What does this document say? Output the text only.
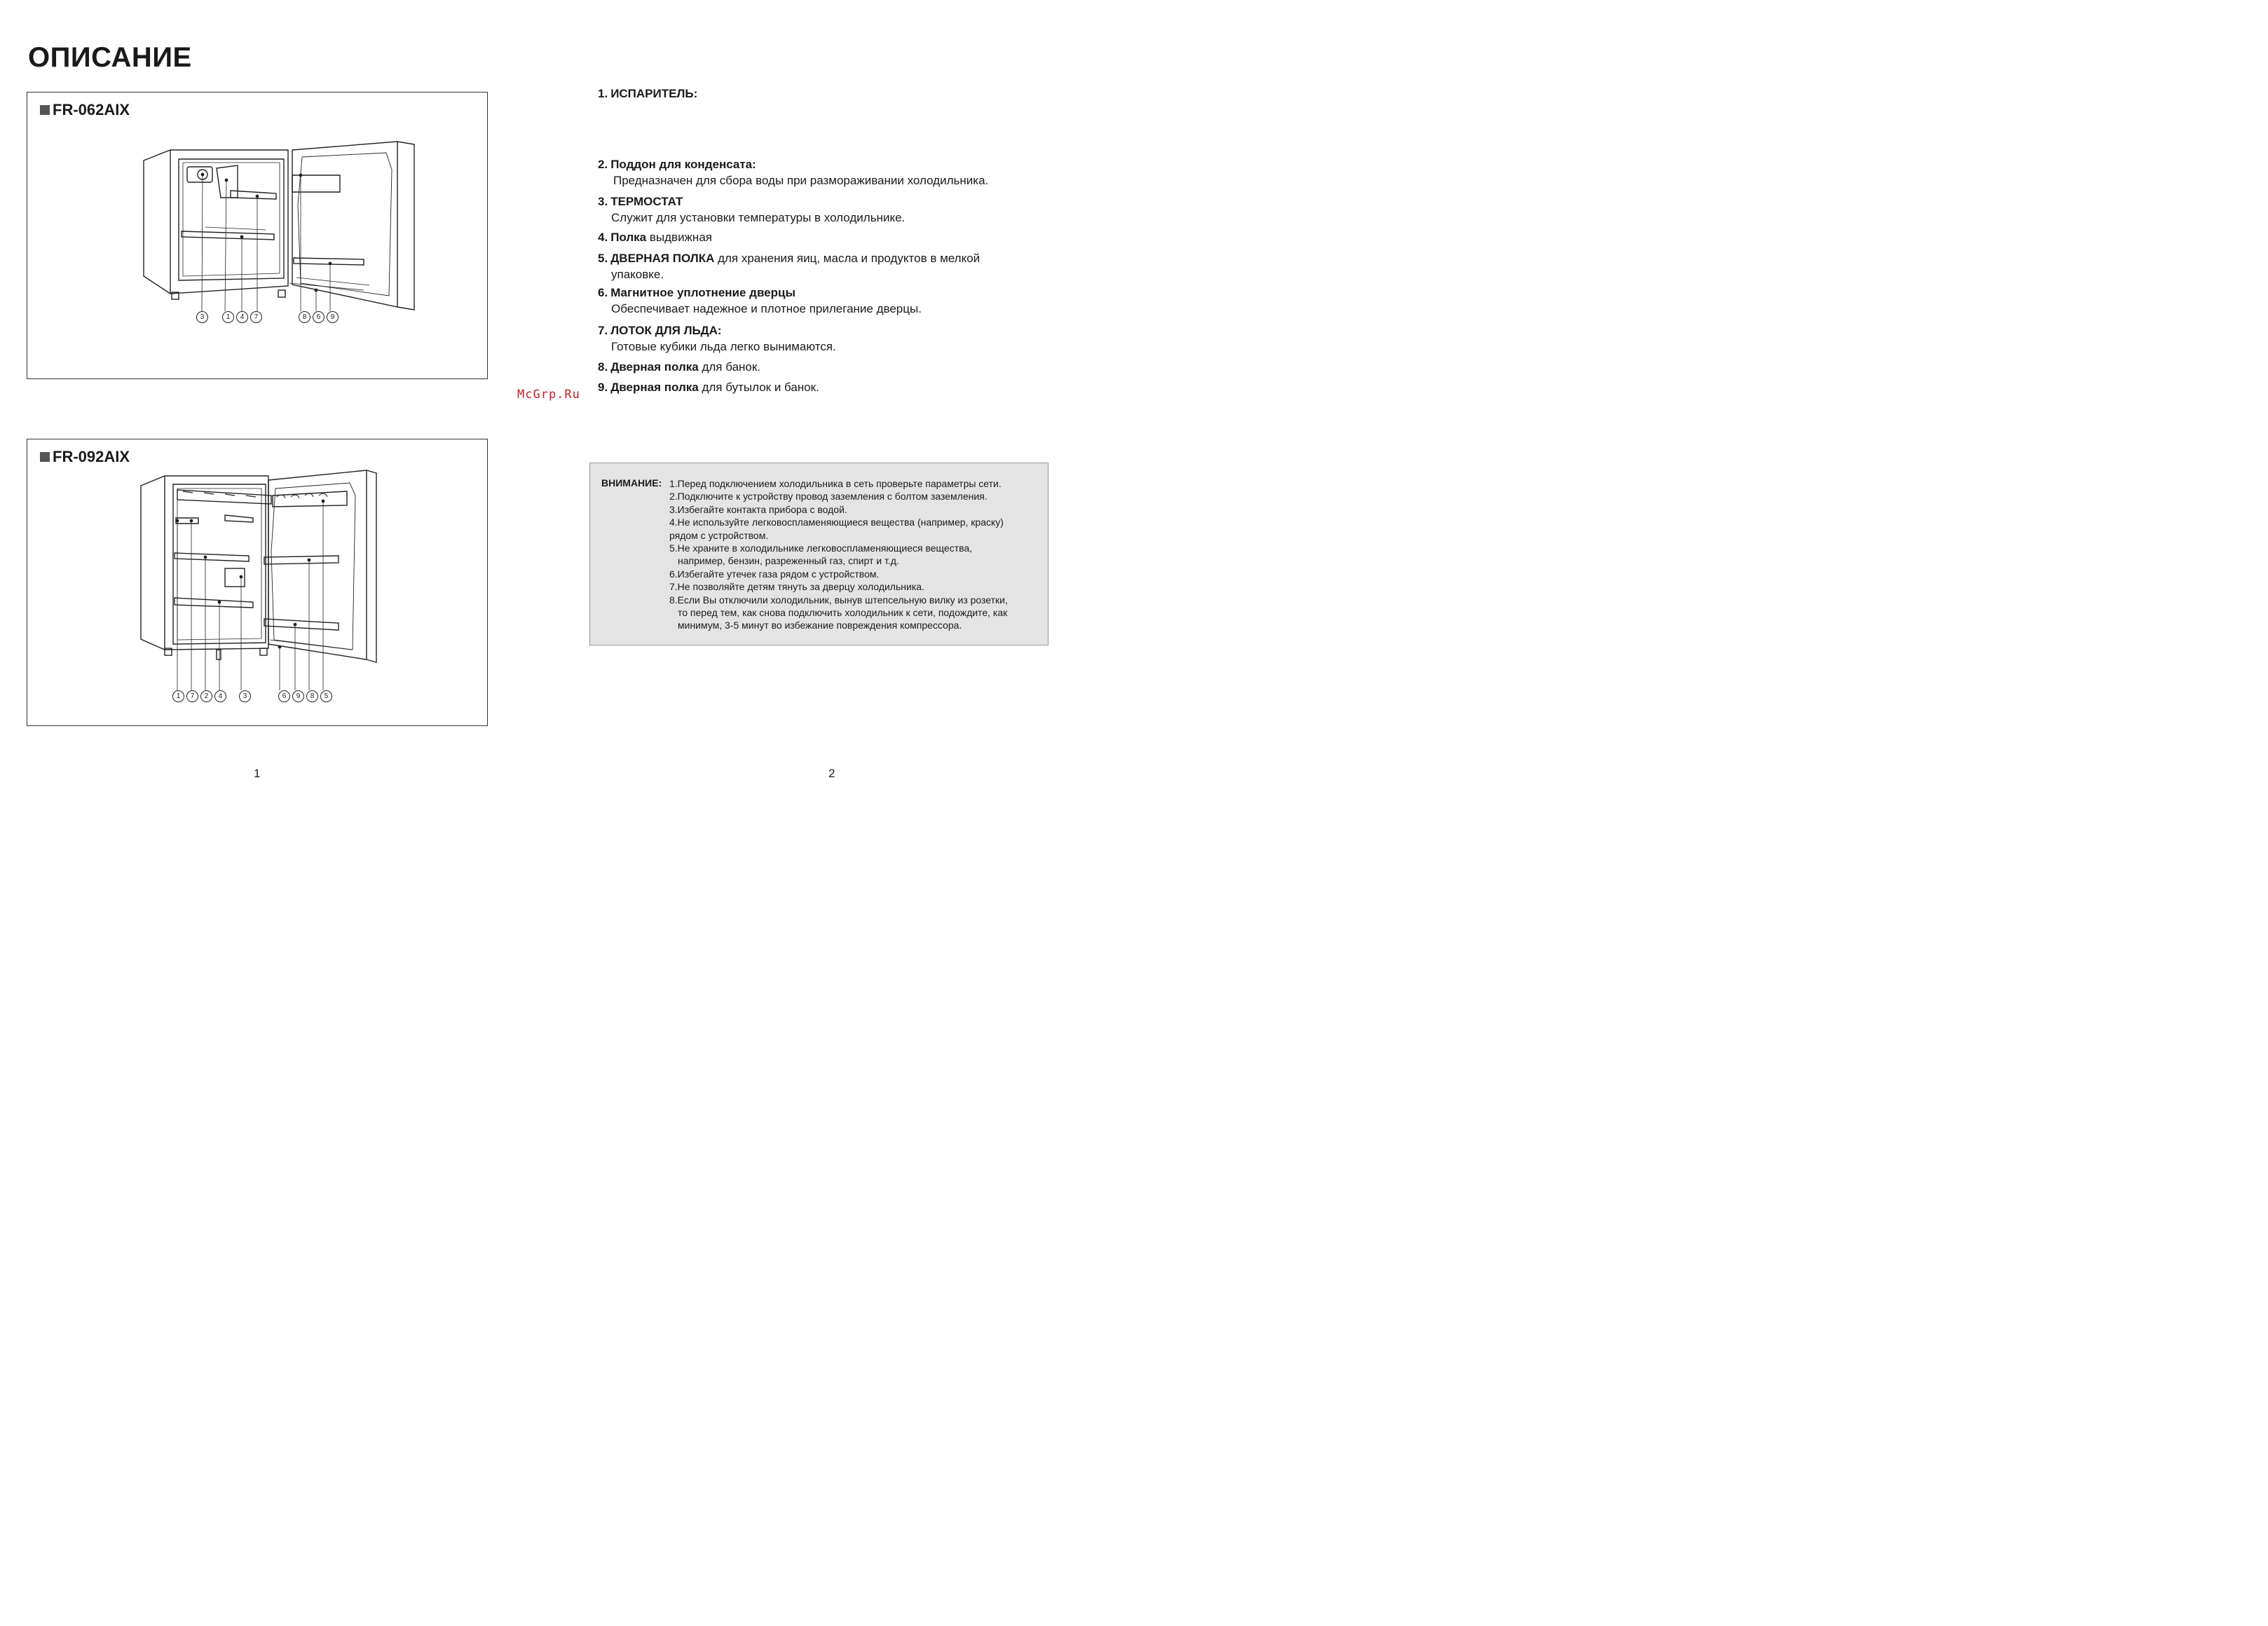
ОПИСАНИЕ
FR-062AIX
3	1	4	7	8	6	9
FR-092AIX
1	7	2	4	3	6	9	8	5
McGrp.Ru
1. ИСПАРИТЕЛЬ:
2. Поддон для конденсата:
Предназначен для сбора воды при размораживании холодильника.
3. ТЕРМОСТАТ
Служит для установки температуры в холодильнике.
4. Полка выдвижная
5. ДВЕРНАЯ ПОЛКА для хранения яиц, масла и продуктов в мелкой
упаковке.
6. Магнитное уплотнение дверцы
Обеспечивает надежное и плотное прилегание дверцы.
7. ЛОТОК ДЛЯ ЛЬДА:
Готовые кубики льда легко вынимаются.
8. Дверная полка для банок.
9. Дверная полка для бутылок и банок.
ВНИМАНИЕ: 1.Перед подключением холодильника в сеть проверьте параметры сети.
2.Подключите к устройству провод заземления с болтом заземления.
3.Избегайте контакта прибора с водой.
4.Не используйте легковоспламеняющиеся вещества (например, краску)
рядом с устройством.
5.Не храните в холодильнике легковоспламеняющиеся вещества,
например, бензин, разреженный газ, спирт и т.д.
6.Избегайте утечек газа рядом с устройством.
7.Не позволяйте детям тянуть за дверцу холодильника.
8.Если Вы отключили холодильник, вынув штепсельную вилку из розетки,
то перед тем, как снова подключить холодильник к сети, подождите, как минимум, 3-5 минут во избежание повреждения компрессора.
1	2
